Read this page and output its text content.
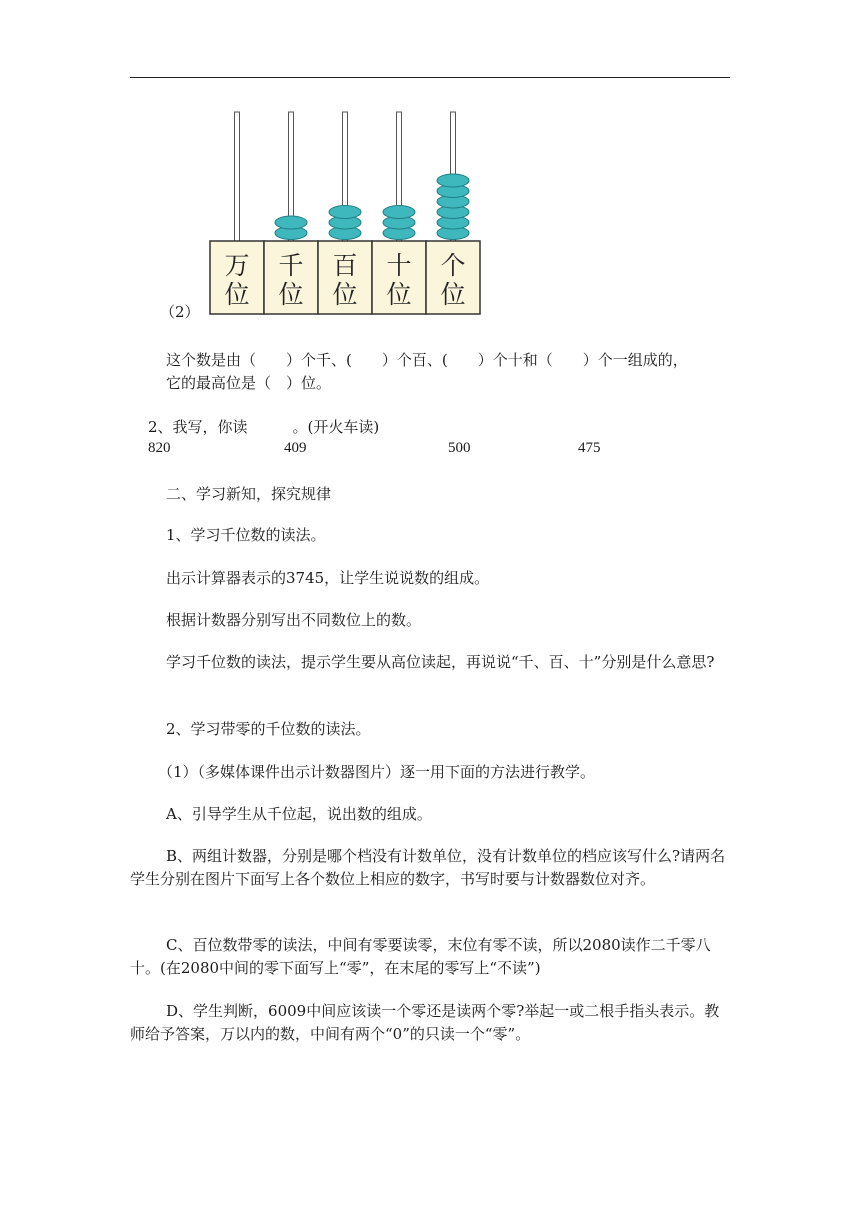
万
位
千
位
百
位
十
位
个
位
（2）
这个数是由（　　）个千、(　　）个百、(　　）个十和（　　）个一组成的，
它的最高位是（　）位。
2、我写，你读　　　。(开火车读)
820	409	500	475
二、学习新知，探究规律
1、学习千位数的读法。
出示计算器表示的3745，让学生说说数的组成。
根据计数器分别写出不同数位上的数。
学习千位数的读法，提示学生要从高位读起，再说说“千、百、十”分别是什么意思?
2、学习带零的千位数的读法。
（1）（多媒体课件出示计数器图片）逐一用下面的方法进行教学。
A、引导学生从千位起，说出数的组成。
B、两组计数器，分别是哪个档没有计数单位，没有计数单位的档应该写什么?请两名学生分别在图片下面写上各个数位上相应的数字，书写时要与计数器数位对齐。
C、百位数带零的读法，中间有零要读零，末位有零不读，所以2080读作二千零八十。(在2080中间的零下面写上“零”，在末尾的零写上“不读”)
D、学生判断，6009中间应该读一个零还是读两个零?举起一或二根手指头表示。教师给予答案，万以内的数，中间有两个“0”的只读一个“零”。
